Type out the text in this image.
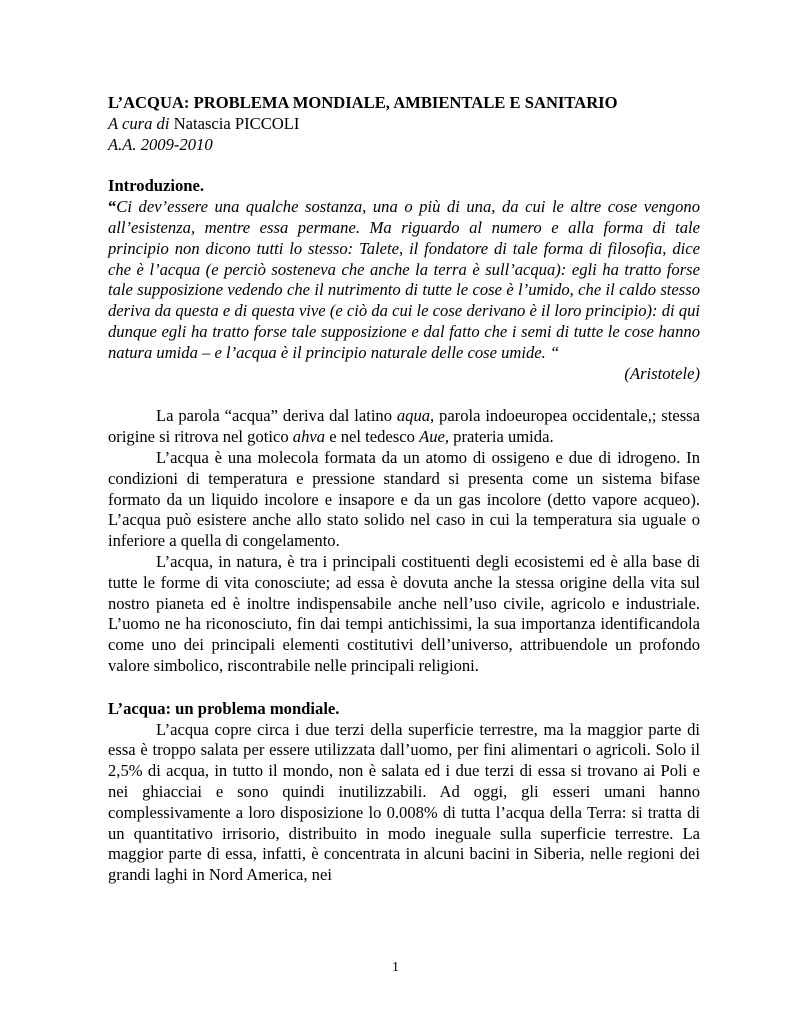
L’ACQUA: PROBLEMA MONDIALE, AMBIENTALE E SANITARIO

A cura di Natascia PICCOLI

A.A. 2009-2010

Introduzione.

“Ci dev’essere una qualche sostanza, una o più di una, da cui le altre cose vengono all’esistenza, mentre essa permane. Ma riguardo al numero e alla forma di tale principio non dicono tutti lo stesso: Talete, il fondatore di tale forma di filosofia, dice che è l’acqua (e perciò sosteneva che anche la terra è sull’acqua): egli ha tratto forse tale supposizione vedendo che il nutrimento di tutte le cose è l’umido, che il caldo stesso deriva da questa e di questa vive (e ciò da cui le cose derivano è il loro principio): di qui dunque egli ha tratto forse tale supposizione e dal fatto che i semi di tutte le cose hanno natura umida – e l’acqua è il principio naturale delle cose umide. “

(Aristotele)

La parola “acqua” deriva dal latino aqua, parola indoeuropea occidentale,; stessa origine si ritrova nel gotico ahva e nel tedesco Aue, prateria umida.

L’acqua è una molecola formata da un atomo di ossigeno e due di idrogeno. In condizioni di temperatura e pressione standard si presenta come un sistema bifase formato da un liquido incolore e insapore e da un gas incolore (detto vapore acqueo). L’acqua può esistere anche allo stato solido nel caso in cui la temperatura sia uguale o inferiore a quella di congelamento.

L’acqua, in natura, è tra i principali costituenti degli ecosistemi ed è alla base di tutte le forme di vita conosciute; ad essa è dovuta anche la stessa origine della vita sul nostro pianeta ed è inoltre indispensabile anche nell’uso civile, agricolo e industriale. L’uomo ne ha riconosciuto, fin dai tempi antichissimi, la sua importanza identificandola come uno dei principali elementi costitutivi dell’universo, attribuendole un profondo valore simbolico, riscontrabile nelle principali religioni.

L’acqua: un problema mondiale.

L’acqua copre circa i due terzi della superficie terrestre, ma la maggior parte di essa è troppo salata per essere utilizzata dall’uomo, per fini alimentari o agricoli. Solo il 2,5% di acqua, in tutto il mondo, non è salata ed i due terzi di essa si trovano ai Poli e nei ghiacciai e sono quindi inutilizzabili. Ad oggi, gli esseri umani hanno complessivamente a loro disposizione lo 0.008% di tutta l’acqua della Terra: si tratta di un quantitativo irrisorio, distribuito in modo ineguale sulla superficie terrestre. La maggior parte di essa, infatti, è concentrata in alcuni bacini in Siberia, nelle regioni dei grandi laghi in Nord America, nei

1
